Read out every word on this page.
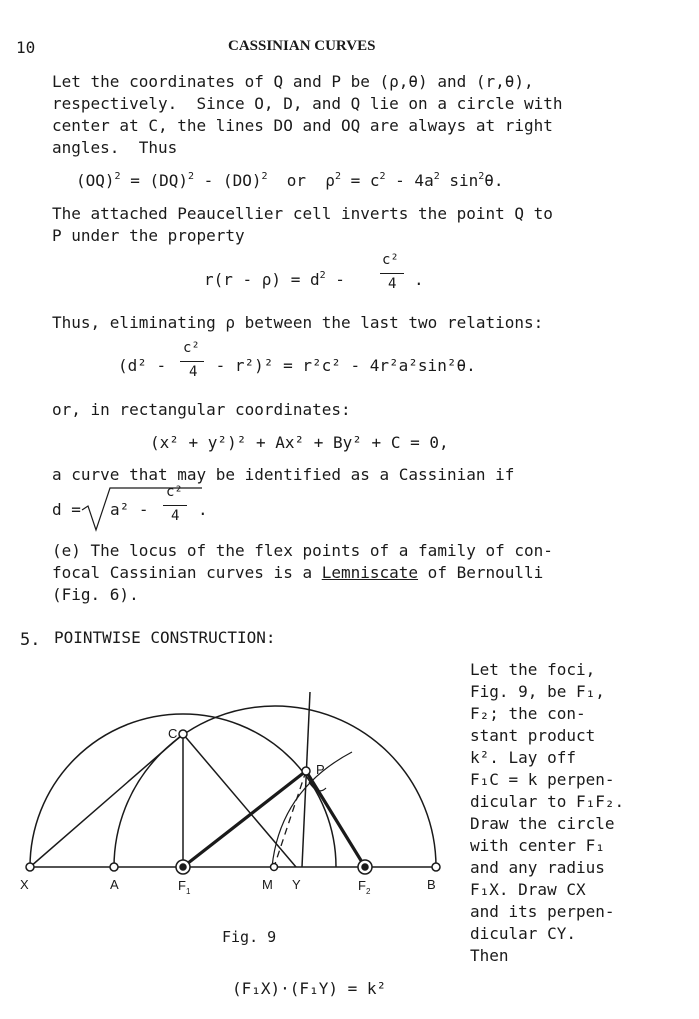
10	CASSINIAN CURVES
Let the coordinates of Q and P be (ρ,θ) and (r,θ),
respectively.  Since O, D, and Q lie on a circle with
center at C, the lines DO and OQ are always at right
angles.  Thus
(OQ)$^2$ = (DQ)$^2$ - (DO)$^2$  or  $\rho^2 = c^2 - 4a^2$ $\sin^2\theta$.
The attached Peaucellier cell inverts the point Q to
P under the property
$r(r - \rho) = d^2$ -
c²
4 .
Thus, eliminating ρ between the last two relations:
(d² -
c²
4 - r²)² = r²c² - 4r²a²sin²θ.
or, in rectangular coordinates:
(x² + y²)² + Ax² + By² + C = 0,
a curve that may be identified as a Cassinian if
d = a² -
c²
4 .
(e) The locus of the flex points of a family of con-
focal Cassinian curves is a Lemniscate of Bernoulli
(Fig. 6).
5. POINTWISE CONSTRUCTION:
Let the foci,
Fig. 9, be F₁,
F₂; the con-
stant product
k². Lay off
F₁C = k perpen-
dicular to F₁F₂.
Draw the circle
with center F₁
and any radius
F₁X. Draw CX
and its perpen-
dicular CY.
Then
C
P
X	A	F 1	M Y	F 2	B
Fig. 9
(F₁X)·(F₁Y) = k²
